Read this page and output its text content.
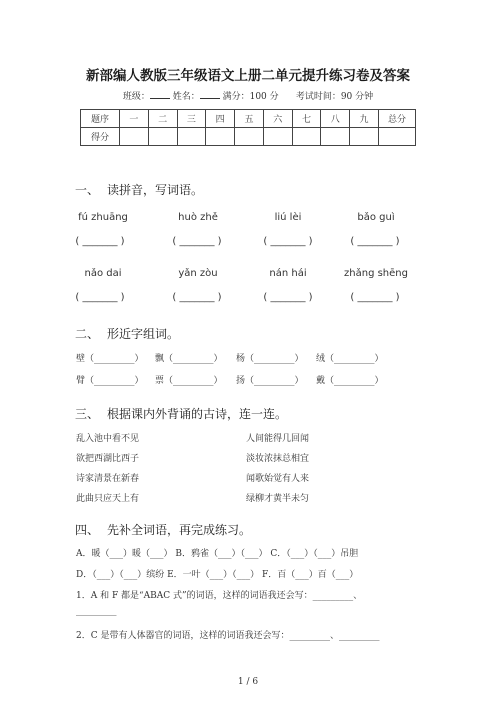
新部编人教版三年级语文上册二单元提升练习卷及答案
班级：	姓名：	满分：100 分 考试时间：90 分钟
题序	一	二	三	四	五	六	七	八	九	总分
得分										
一、 读拼音，写词语。
fú zhuāng	huò zhě	liú lèi	bǎo guì
( _______ )	( _______ )	( _______ )	( _______ )
nǎo dai	yǎn zòu	nán hái	zhǎng shēng
( _______ )	( _______ )	( _______ )	( _______ )
二、 形近字组词。
壁（_________） 飘（_________） 杨（_________） 绒（_________）
臂（_________） 票（_________） 扬（_________） 戴（_________）
三、 根据课内外背诵的古诗，连一连。
乱入池中看不见
欲把西湖比西子
诗家清景在新春
此曲只应天上有
人间能得几回闻
淡妆浓抹总相宜
闻歌始觉有人来
绿柳才黄半未匀
四、 先补全词语，再完成练习。
A．暖（___）暖（___） B．鸦雀（___）（___） C．（___）（___）吊胆
D．（___）（___）缤纷 E．一叶（___）（___） F．百（___）百（___）
1．A 和 F 都是“ABAC 式”的词语，这样的词语我还会写：_________、
_________
2．C 是带有人体器官的词语，这样的词语我还会写：_________、_________
1 / 6
